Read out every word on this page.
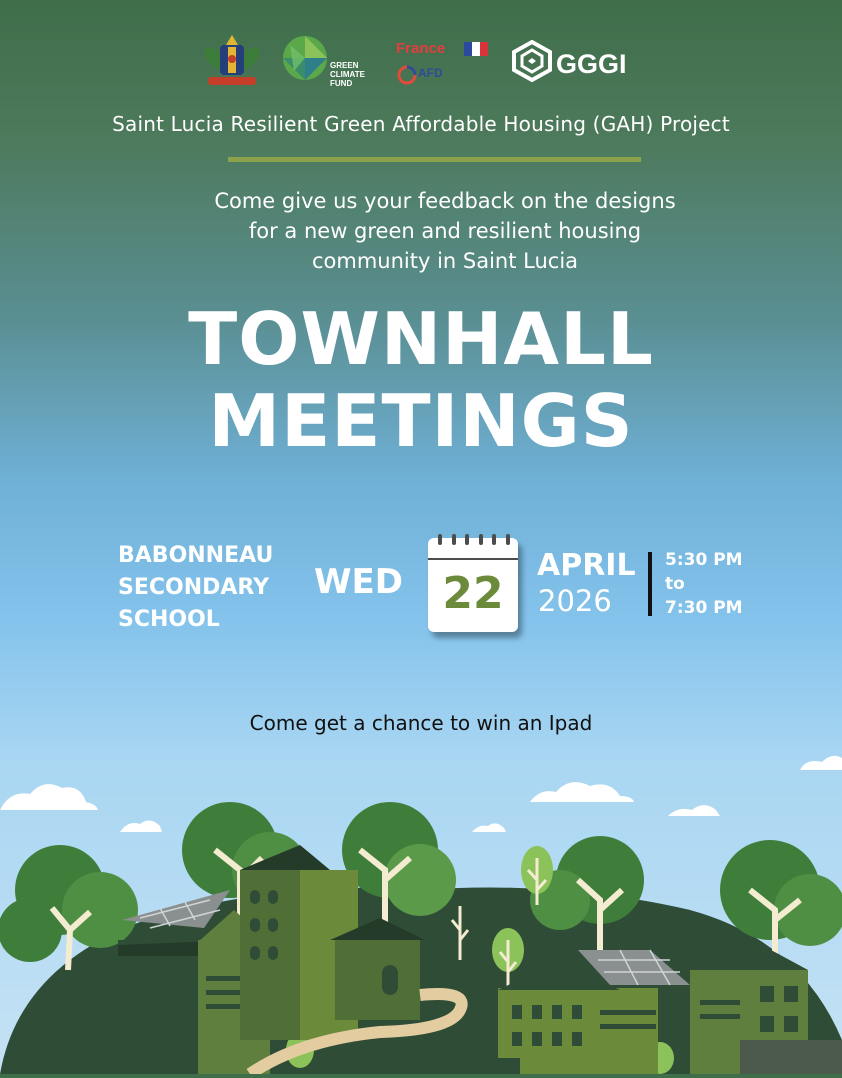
GREEN
CLIMATE
FUND
France
AFD	GGGI
Saint Lucia Resilient Green Affordable Housing (GAH) Project
Come give us your feedback on the designs
for a new green and resilient housing
community in Saint Lucia
TOWNHALL
MEETINGS
BABONNEAU
SECONDARY
SCHOOL
WED 22
APRIL
2026
5:30 PM
to
7:30 PM
Come get a chance to win an Ipad
